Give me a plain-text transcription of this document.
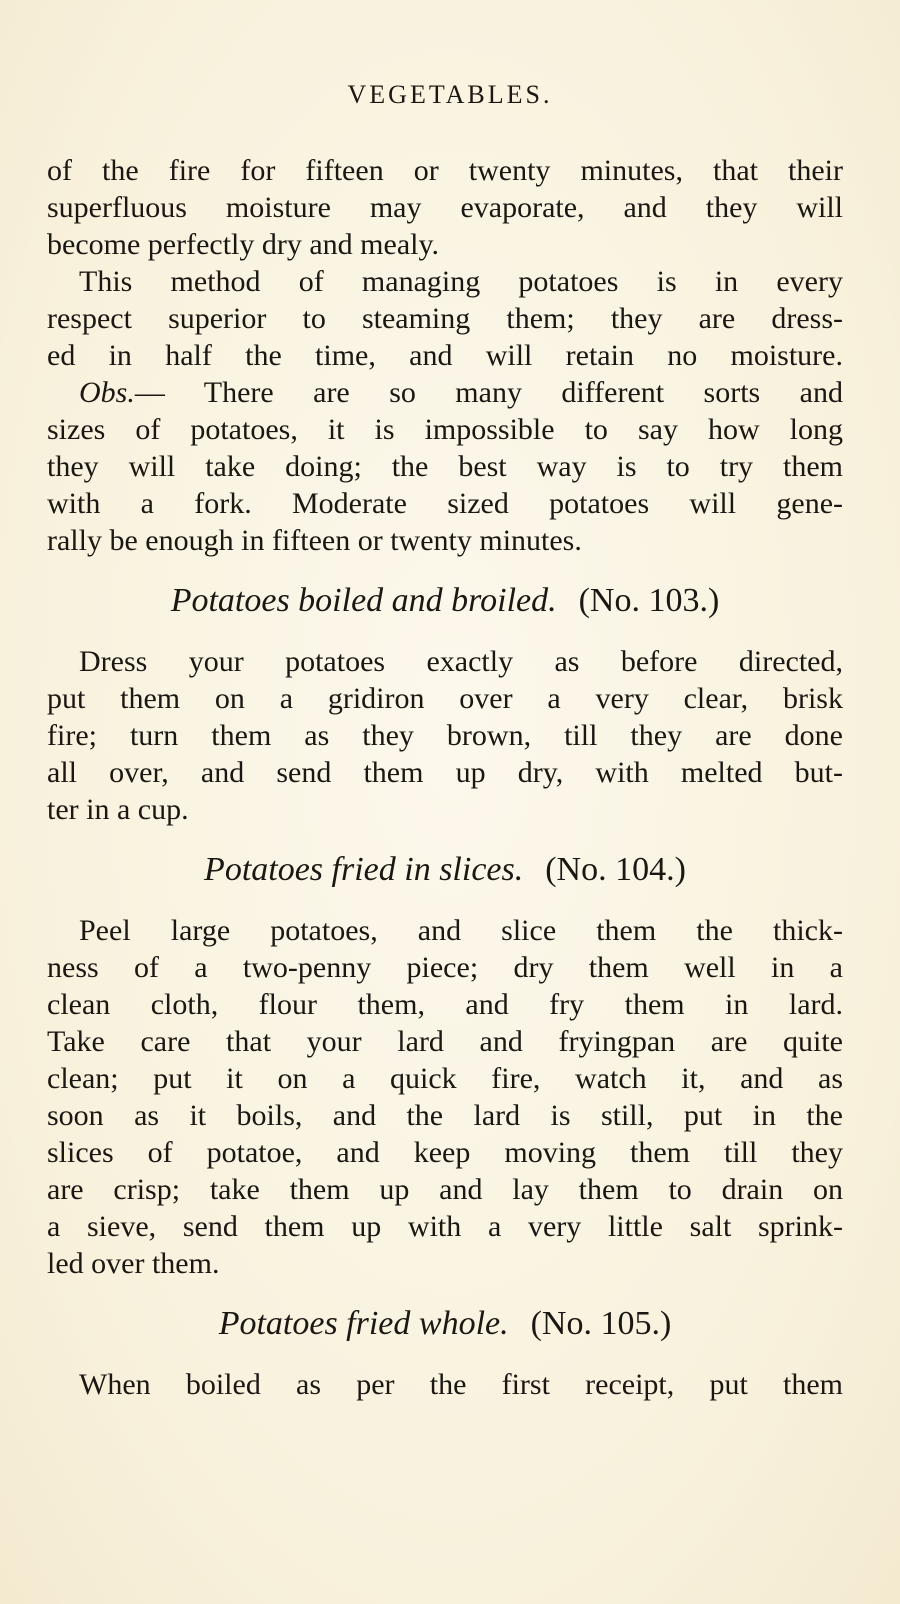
VEGETABLES.
of the fire for fifteen or twenty minutes, that their
superfluous moisture may evaporate, and they will
become perfectly dry and mealy.
This method of managing potatoes is in every
respect superior to steaming them; they are dress-
ed in half the time, and will retain no moisture.
Obs.— There are so many different sorts and
sizes of potatoes, it is impossible to say how long
they will take doing; the best way is to try them
with a fork. Moderate sized potatoes will gene-
rally be enough in fifteen or twenty minutes.
Potatoes boiled and broiled. (No. 103.)
Dress your potatoes exactly as before directed,
put them on a gridiron over a very clear, brisk
fire; turn them as they brown, till they are done
all over, and send them up dry, with melted but-
ter in a cup.
Potatoes fried in slices. (No. 104.)
Peel large potatoes, and slice them the thick-
ness of a two-penny piece; dry them well in a
clean cloth, flour them, and fry them in lard.
Take care that your lard and fryingpan are quite
clean; put it on a quick fire, watch it, and as
soon as it boils, and the lard is still, put in the
slices of potatoe, and keep moving them till they
are crisp; take them up and lay them to drain on
a sieve, send them up with a very little salt sprink-
led over them.
Potatoes fried whole. (No. 105.)
When boiled as per the first receipt, put them
